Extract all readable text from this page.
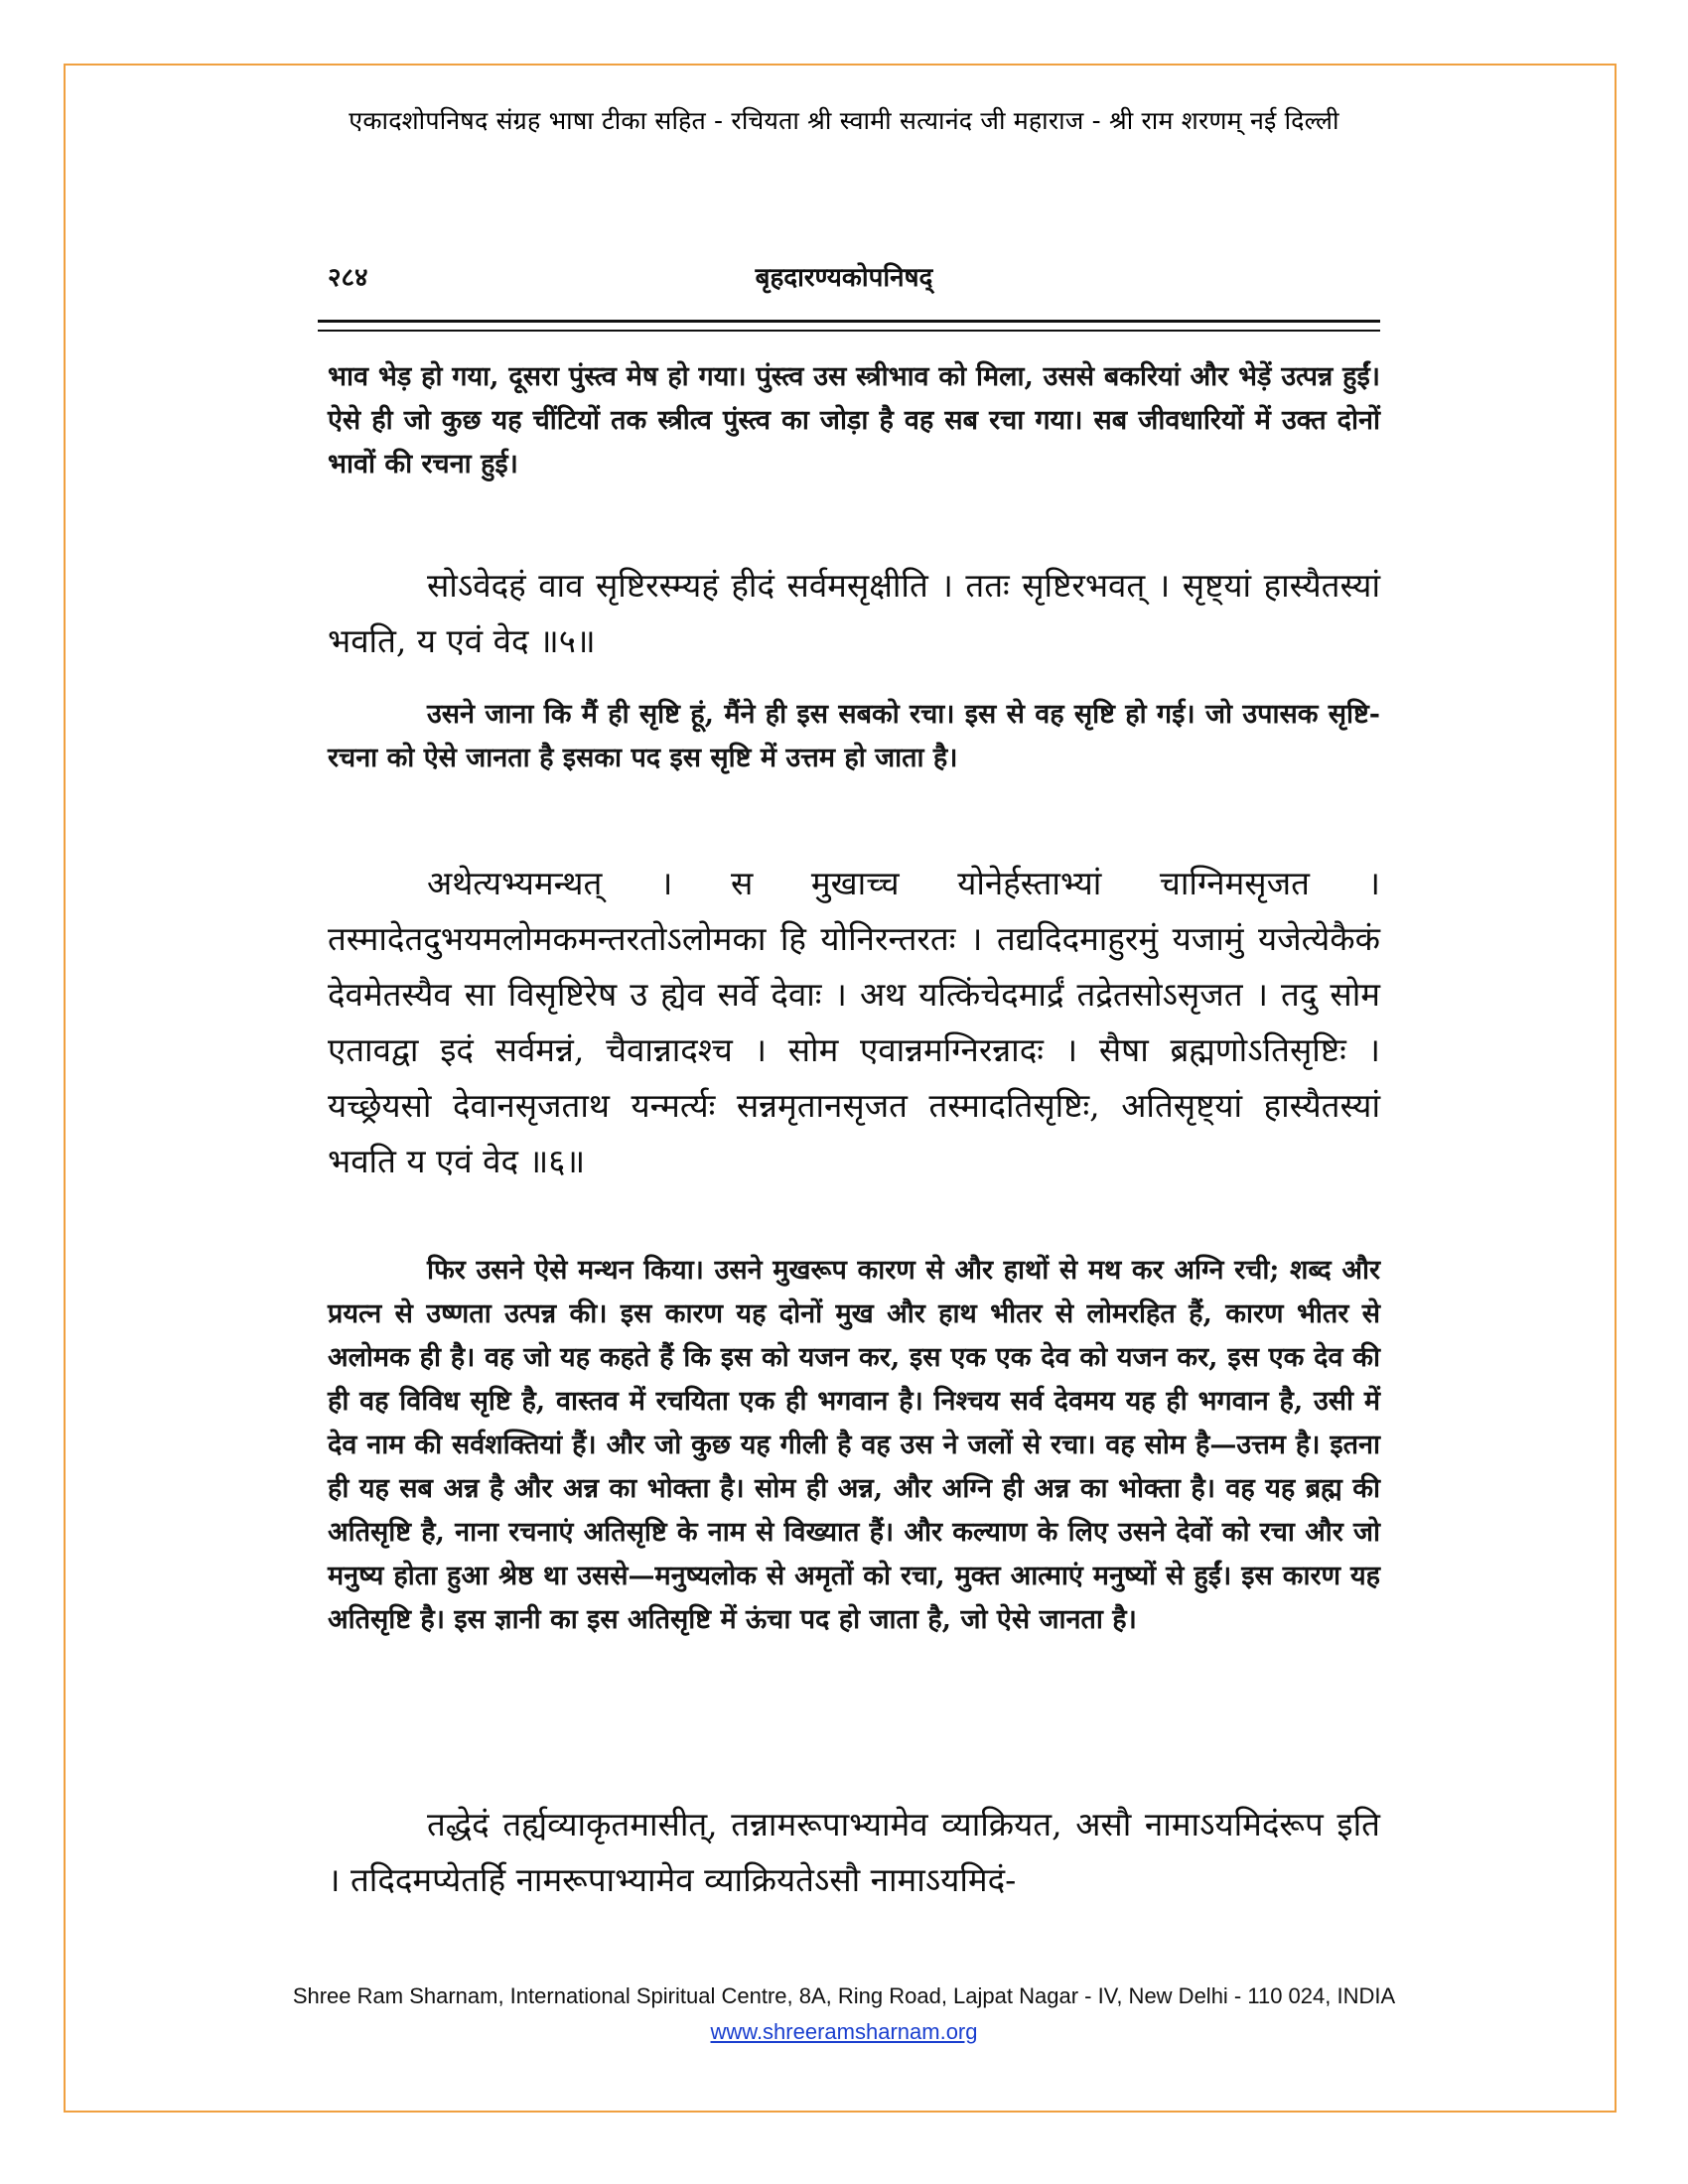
एकादशोपनिषद संग्रह भाषा टीका सहित - रचियता श्री स्वामी सत्यानंद जी महाराज - श्री राम शरणम् नई दिल्ली
२८४	बृहदारण्यकोपनिषद्
भाव भेड़ हो गया, दूसरा पुंस्त्व मेष हो गया। पुंस्त्व उस स्त्रीभाव को मिला, उससे बकरियां और भेड़ें उत्पन्न हुईं। ऐसे ही जो कुछ यह चींटियों तक स्त्रीत्व पुंस्त्व का जोड़ा है वह सब रचा गया। सब जीवधारियों में उक्त दोनों भावों की रचना हुई।
सोऽवेदहं वाव सृष्टिरस्म्यहं हीदं सर्वमसृक्षीति । ततः सृष्टिरभवत् । सृष्ट्यां हास्यैतस्यां भवति, य एवं वेद ॥५॥
उसने जाना कि मैं ही सृष्टि हूं, मैंने ही इस सबको रचा। इस से वह सृष्टि हो गई। जो उपासक सृष्टि-रचना को ऐसे जानता है इसका पद इस सृष्टि में उत्तम हो जाता है।
अथेत्यभ्यमन्थत् । स मुखाच्च योनेर्हस्ताभ्यां चाग्निमसृजत । तस्मादेतदुभयमलोमकमन्तरतोऽलोमका हि योनिरन्तरतः । तद्यदिदमाहुरमुं यजामुं यजेत्येकैकं देवमेतस्यैव सा विसृष्टिरेष उ ह्येव सर्वे देवाः । अथ यत्किंचेदमार्द्रं तद्रेतसोऽसृजत । तदु सोम एतावद्वा इदं सर्वमन्नं, चैवान्नादश्च । सोम एवान्नमग्निरन्नादः । सैषा ब्रह्मणोऽतिसृष्टिः । यच्छ्रेयसो देवानसृजताथ यन्मर्त्यः सन्नमृतानसृजत तस्मादतिसृष्टिः, अतिसृष्ट्यां हास्यैतस्यां भवति य एवं वेद ॥६॥
फिर उसने ऐसे मन्थन किया। उसने मुखरूप कारण से और हाथों से मथ कर अग्नि रची; शब्द और प्रयत्न से उष्णता उत्पन्न की। इस कारण यह दोनों मुख और हाथ भीतर से लोमरहित हैं, कारण भीतर से अलोमक ही है। वह जो यह कहते हैं कि इस को यजन कर, इस एक एक देव को यजन कर, इस एक देव की ही वह विविध सृष्टि है, वास्तव में रचयिता एक ही भगवान है। निश्चय सर्व देवमय यह ही भगवान है, उसी में देव नाम की सर्वशक्तियां हैं। और जो कुछ यह गीली है वह उस ने जलों से रचा। वह सोम है—उत्तम है। इतना ही यह सब अन्न है और अन्न का भोक्ता है। सोम ही अन्न, और अग्नि ही अन्न का भोक्ता है। वह यह ब्रह्म की अतिसृष्टि है, नाना रचनाएं अतिसृष्टि के नाम से विख्यात हैं। और कल्याण के लिए उसने देवों को रचा और जो मनुष्य होता हुआ श्रेष्ठ था उससे—मनुष्यलोक से अमृतों को रचा, मुक्त आत्माएं मनुष्यों से हुईं। इस कारण यह अतिसृष्टि है। इस ज्ञानी का इस अतिसृष्टि में ऊंचा पद हो जाता है, जो ऐसे जानता है।
तद्धेदं तर्ह्यव्याकृतमासीत्, तन्नामरूपाभ्यामेव व्याक्रियत, असौ नामाऽयमिदंरूप इति । तदिदमप्येतर्हि नामरूपाभ्यामेव व्याक्रियतेऽसौ नामाऽयमिदं-
Shree Ram Sharnam, International Spiritual Centre, 8A, Ring Road, Lajpat Nagar - IV, New Delhi - 110 024, INDIA
www.shreeramsharnam.org
